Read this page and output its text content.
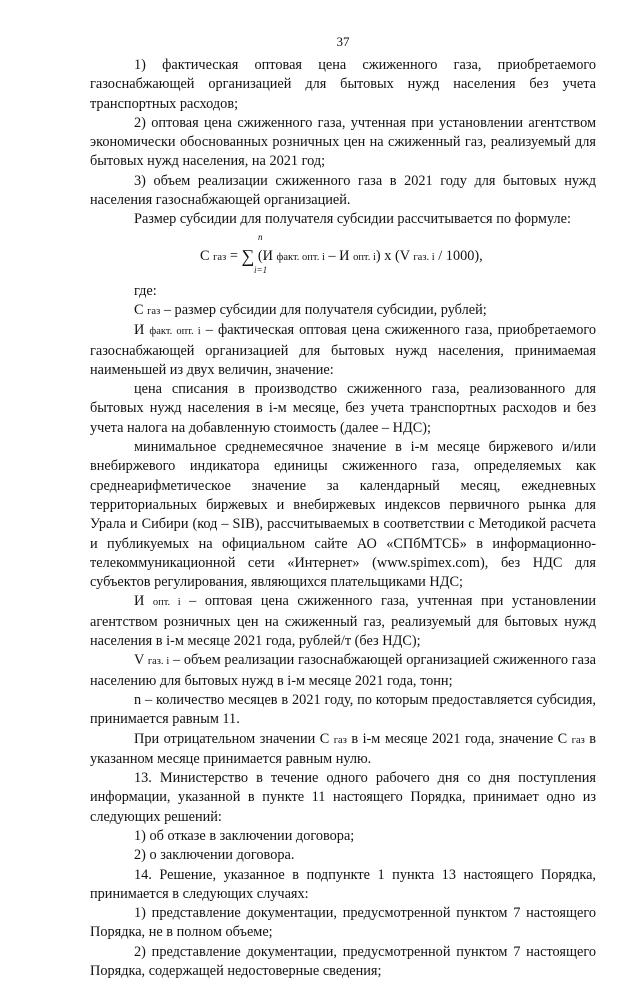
37

1) фактическая оптовая цена сжиженного газа, приобретаемого газоснабжающей организацией для бытовых нужд населения без учета транспортных расходов;

2) оптовая цена сжиженного газа, учтенная при установлении агентством экономически обоснованных розничных цен на сжиженный газ, реализуемый для бытовых нужд населения, на 2021 год;

3) объем реализации сжиженного газа в 2021 году для бытовых нужд населения газоснабжающей организацией.

Размер субсидии для получателя субсидии рассчитывается по формуле:

n
i=1
С газ = ∑ (И факт. опт. i – И опт. i) x (V газ. i / 1000),

где:

С газ – размер субсидии для получателя субсидии, рублей;

И факт. опт. i – фактическая оптовая цена сжиженного газа, приобретаемого газоснабжающей организацией для бытовых нужд населения, принимаемая наименьшей из двух величин, значение:

цена списания в производство сжиженного газа, реализованного для бытовых нужд населения в i-м месяце, без учета транспортных расходов и без учета налога на добавленную стоимость (далее – НДС);

минимальное среднемесячное значение в i-м месяце биржевого и/или внебиржевого индикатора единицы сжиженного газа, определяемых как среднеарифметическое значение за календарный месяц, ежедневных территориальных биржевых и внебиржевых индексов первичного рынка для Урала и Сибири (код – SIB), рассчитываемых в соответствии с Методикой расчета и публикуемых на официальном сайте АО «СПбМТСБ» в информационно-телекоммуникационной сети «Интернет» (www.spimex.com), без НДС для субъектов регулирования, являющихся плательщиками НДС;

И опт. i – оптовая цена сжиженного газа, учтенная при установлении агентством розничных цен на сжиженный газ, реализуемый для бытовых нужд населения в i-м месяце 2021 года, рублей/т (без НДС);

V газ. i – объем реализации газоснабжающей организацией сжиженного газа населению для бытовых нужд в i-м месяце 2021 года, тонн;

n – количество месяцев в 2021 году, по которым предоставляется субсидия, принимается равным 11.

При отрицательном значении С газ в i-м месяце 2021 года, значение С газ в указанном месяце принимается равным нулю.

13. Министерство в течение одного рабочего дня со дня поступления информации, указанной в пункте 11 настоящего Порядка, принимает одно из следующих решений:

1) об отказе в заключении договора;

2) о заключении договора.

14. Решение, указанное в подпункте 1 пункта 13 настоящего Порядка, принимается в следующих случаях:

1) представление документации, предусмотренной пунктом 7 настоящего Порядка, не в полном объеме;

2) представление документации, предусмотренной пунктом 7 настоящего Порядка, содержащей недостоверные сведения;
